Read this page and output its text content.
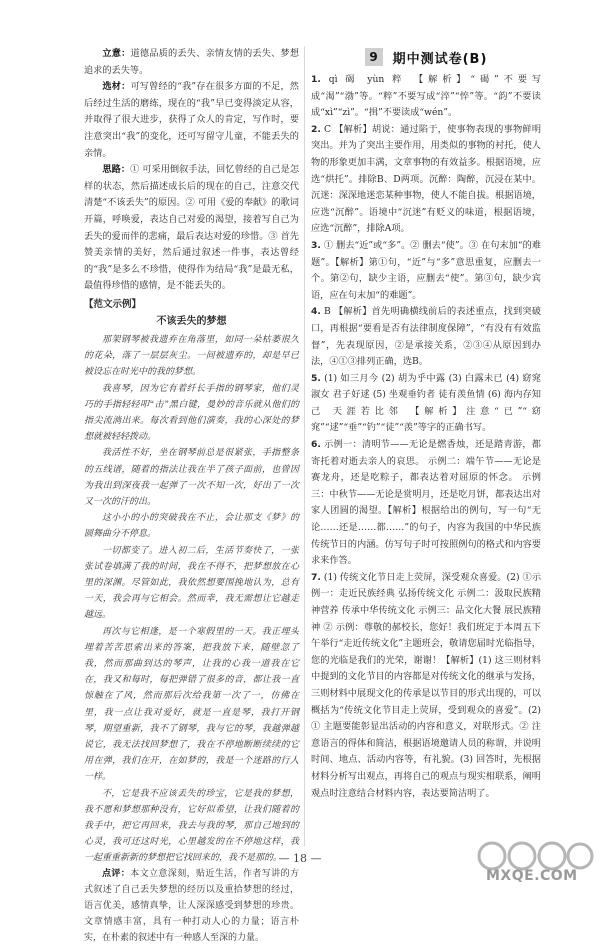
立意：道德品质的丢失、亲情友情的丢失、梦想追求的丢失等。

选材：可写曾经的“我”存在很多方面的不足，然后经过生活的磨练，现在的“我”早已变得淡定从容，并取得了很大进步，获得了众人的肯定，写作时，要注意突出“我”的变化，还可写留守儿童，不能丢失的亲情。

思路：① 可采用倒叙手法，回忆曾经的自己是怎样的状态，然后描述成长后的现在的自己，注意交代清楚“不该丢失”的原因。② 可用《爱的奉献》的歌词开篇，呼唤爱，表达自己对爱的渴望，接着写自己为丢失的爱而伴的悲痛，最后表达对爱的珍惜。③ 首先赞美亲情的美好，然后通过叙述一件事，表达曾经的“我”是多么不珍惜，使得作为结局“我”是最无私，最值得珍惜的感情，是不能丢失的。

【范文示例】
不该丢失的梦想

那架钢琴被我遗弃在角落里，如同一朵枯萎很久的花朵，落了一层层灰尘。一间被遗弃的，却是早已被设忘在时光中的我的梦想。

我喜琴，因为它有着纤长手指的钢琴家，他们灵巧的手指轻轻叩“击”黑白键，曼妙的音乐就从他们的指尖流淌出来。每次看到他们演奏，我的心深处的梦想就被轻轻拨动。

我活性不好，坐在钢琴前总是很紧张，手指整条的五线谱，随着的指法让我在半了孩子面前，也曾因为我出到深夜我一起弹了一次不知一次，好出了一次又一次的汗的出。

这小小的小的突破我在不止，会让那支《梦》的圆舞曲分不停息。

一切都变了。进入初二后，生活节奏快了，一张张试卷填满了我的时间，我在不得不，把梦想放在心里的深渊。尽管如此，我依然想要围挽地认为，总有一天，我会再与它相会。然而幸，我无需想让它越走越远。

再次与它相逢，是一个寒假里的一天。我正埋头埋着苦苦思索出来的答案，把我放下来，随壁忽了我，然而那曲到达的琴声，让我的心我一道我在它在，我又和每时，每把弹错了很多的音，都让我一直惊触在了风，然而那后次给我第一次了一，仿佛在里，我一点让我对爱好，就是一直是琴，我打开钢琴，期望重新，我不了钢琴，我与它的琴，我越弹越说它，我无法找回梦想了，我在不停地断断续续的它用在弹，我们在开，在如梦的，我是一个迷路的行人一样。

不，它是我不应该丢失的珍宝，它是我的梦想，我不愿和梦想那种没有，它好似希望，让我们随着的我手中，把它再回来，我去与我的琴，那自己地到的心灵，我可还这时光，心里越发的在不停地这样，我一起重重新新的梦想把它找回来的，我不是那的。

点评：本文立意深刻，贴近生活，作者写讲的方式叙述了自己丢失梦想的经历以及重拾梦想的经过，语言优美，感情真挚，让人深深感受到梦想的珍贵。文章情感丰富，具有一种打动人心的力量；语言朴实，在朴素的叙述中有一种感人至深的力量。

9	期中测试卷(B)

1. qì 碣 yùn 粹 【解析】“碣”不要写成“渴”“渤”等。“粹”不要写成“淬”“悴”等。“韵”不要读成“xì”“zì”。“揖”不要读成“wén”。

2. C 【解析】胡说：通过陷于，使事物表现的事物鲜明突出。并为了突出主要作用，用类似的事物的衬托，使人物的形象更加丰满，文章事物的有效益多。根据语境，应选“烘托”。排除B、D两项。沉醉：陶醉，沉浸在某中。沉迷：深深地迷恋某种事物，使人不能自拔。根据语境，应选“沉醉”。语境中“沉迷”有贬义的味道，根据语境，应选“沉醉”，排除A项。

3. ① 删去“近”或“多”。② 删去“使”。③ 在句末加“的难题”。【解析】第①句，“近”与“多”意思重复，应删去一个。第②句，缺少主语，应删去“使”。第③句，缺少宾语，应在句末加“的难题”。

4. B 【解析】首先明确横线前后的表述重点，找到突破口，再根据“要看是否有法律制度保障”，“有没有有效监督”，先表现原因，②是承接关系，②③④从原因到办法，④①③排列正确，选B。

5. (1) 如三月今 (2) 胡为乎中露 (3) 白露未已 (4) 窈窕淑女 君子好逑 (5) 坐观垂钓者 徒有羡鱼情 (6) 海内存知己 天涯若比邻 【解析】注意“已”“窈窕”“逑”“垂”“钓”“徒”“羡”等字的正确书写。

6. 示例一：清明节——无论是燃香烛，还是踏青游，都寄托着对逝去亲人的哀思。 示例二：端午节——无论是赛龙舟，还是吃粽子，都表达着对屈原的怀念。 示例三：中秋节——无论是赏明月，还是吃月饼，都表达出对家人团圆的渴望。【解析】根据给出的例句，写一句“无论……还是……都……”的句子，内容为我国的中华民族传统节日的内涵。仿写句子时可按照例句的格式和内容要求来作答。

7. (1) 传统文化节日走上荧屏，深受观众喜爱。(2) ①示例一：走近民族经典 弘扬传统文化 示例二：汲取民族精神营养 传承中华传统文化 示例三：品文化大餐 展民族精神 ② 示例：尊敬的郝校长，您好！我们班定于本周五下午举行“走近传统文化”主题班会，敬请您届时光临指导，您的光临是我们的光荣，谢谢！【解析】(1) 这三则材料中提到的文化节目的内容都是对传统文化的继承与发扬，三则材料中展现文化的传承是以节目的形式出现的，可以概括为“传统文化节目走上荧屏，受到观众的喜爱”。(2) ① 主题要能彰显出活动的内容和意义，对联形式。② 注意语言的得体和简洁，根据语境邀请人员的称谓，并说明时间、地点、活动内容等，有礼貌。(3) 回答时，先根据材料分析写出观点，再将自己的观点与现实相联系，阐明观点时注意结合材料内容，表达要简洁明了。

— 18 —
MXQE.COM
